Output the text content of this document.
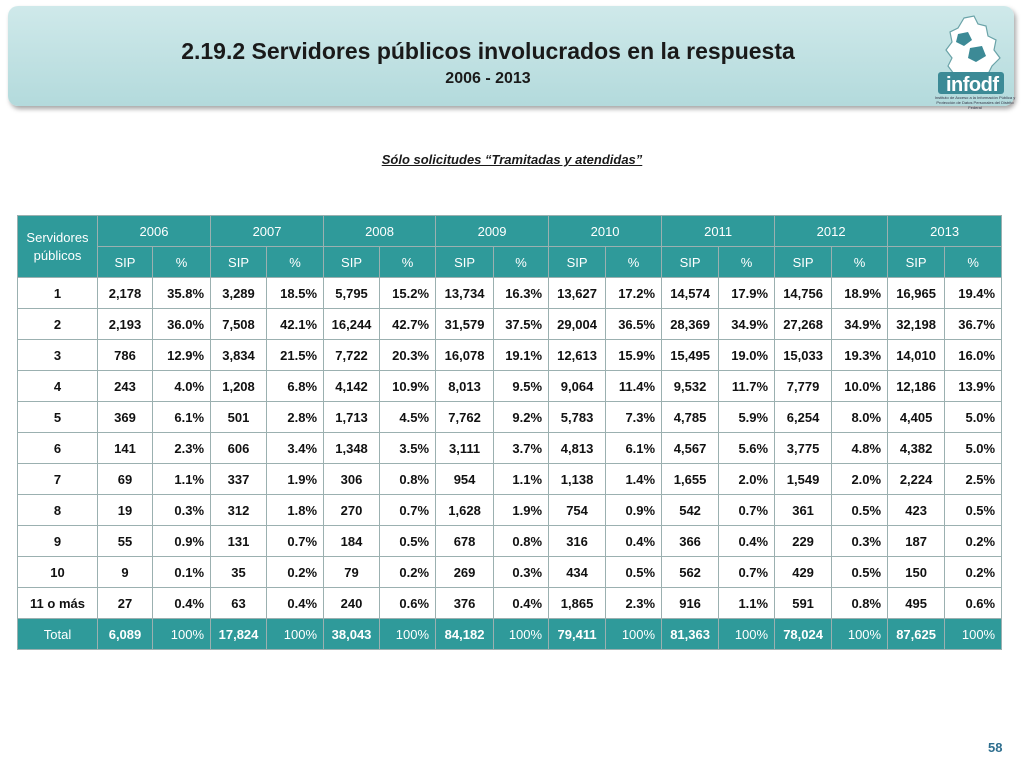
2.19.2 Servidores públicos involucrados en la respuesta
2006 - 2013	infodf
Instituto de Acceso a la Información Pública y Protección de Datos Personales del Distrito Federal
Sólo solicitudes “Tramitadas y atendidas”
Servidores públicos	2006		2007		2008		2009		2010		2011		2012		2013	
	SIP	%	SIP	%	SIP	%	SIP	%	SIP	%	SIP	%	SIP	%	SIP	%
1	2,178	35.8%	3,289	18.5%	5,795	15.2%	13,734	16.3%	13,627	17.2%	14,574	17.9%	14,756	18.9%	16,965	19.4%
2	2,193	36.0%	7,508	42.1%	16,244	42.7%	31,579	37.5%	29,004	36.5%	28,369	34.9%	27,268	34.9%	32,198	36.7%
3	786	12.9%	3,834	21.5%	7,722	20.3%	16,078	19.1%	12,613	15.9%	15,495	19.0%	15,033	19.3%	14,010	16.0%
4	243	4.0%	1,208	6.8%	4,142	10.9%	8,013	9.5%	9,064	11.4%	9,532	11.7%	7,779	10.0%	12,186	13.9%
5	369	6.1%	501	2.8%	1,713	4.5%	7,762	9.2%	5,783	7.3%	4,785	5.9%	6,254	8.0%	4,405	5.0%
6	141	2.3%	606	3.4%	1,348	3.5%	3,111	3.7%	4,813	6.1%	4,567	5.6%	3,775	4.8%	4,382	5.0%
7	69	1.1%	337	1.9%	306	0.8%	954	1.1%	1,138	1.4%	1,655	2.0%	1,549	2.0%	2,224	2.5%
8	19	0.3%	312	1.8%	270	0.7%	1,628	1.9%	754	0.9%	542	0.7%	361	0.5%	423	0.5%
9	55	0.9%	131	0.7%	184	0.5%	678	0.8%	316	0.4%	366	0.4%	229	0.3%	187	0.2%
10	9	0.1%	35	0.2%	79	0.2%	269	0.3%	434	0.5%	562	0.7%	429	0.5%	150	0.2%
11 o más	27	0.4%	63	0.4%	240	0.6%	376	0.4%	1,865	2.3%	916	1.1%	591	0.8%	495	0.6%
Total	6,089	100%	17,824	100%	38,043	100%	84,182	100%	79,411	100%	81,363	100%	78,024	100%	87,625	100%
58
